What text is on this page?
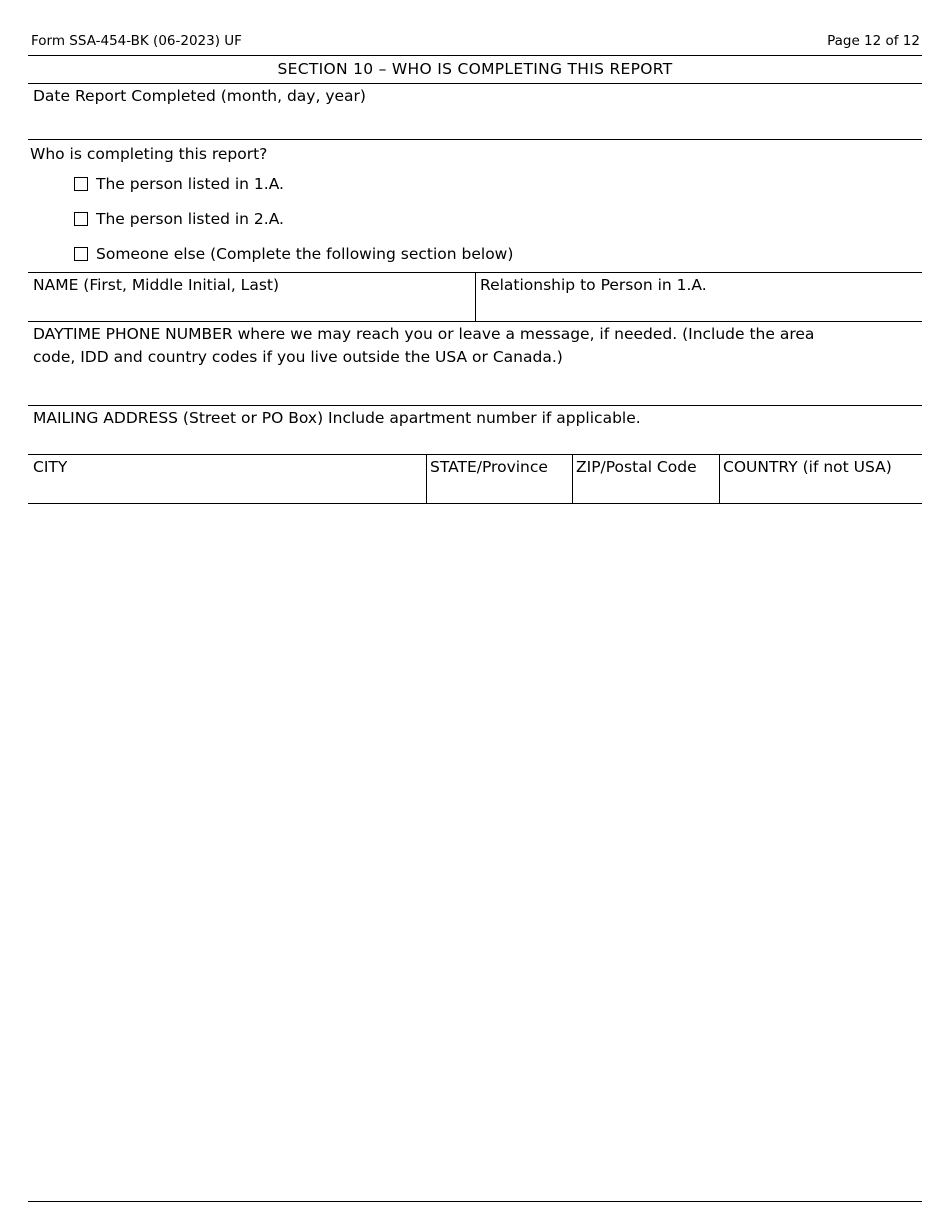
Form SSA-454-BK (06-2023) UF	Page 12 of 12
SECTION 10 – WHO IS COMPLETING THIS REPORT
Date Report Completed (month, day, year)
Who is completing this report?
The person listed in 1.A.
The person listed in 2.A.
Someone else (Complete the following section below)
NAME (First, Middle Initial, Last)	Relationship to Person in 1.A.
DAYTIME PHONE NUMBER where we may reach you or leave a message, if needed. (Include the area
code, IDD and country codes if you live outside the USA or Canada.)
MAILING ADDRESS (Street or PO Box) Include apartment number if applicable.
CITY	STATE/Province ZIP/Postal Code COUNTRY (if not USA)
